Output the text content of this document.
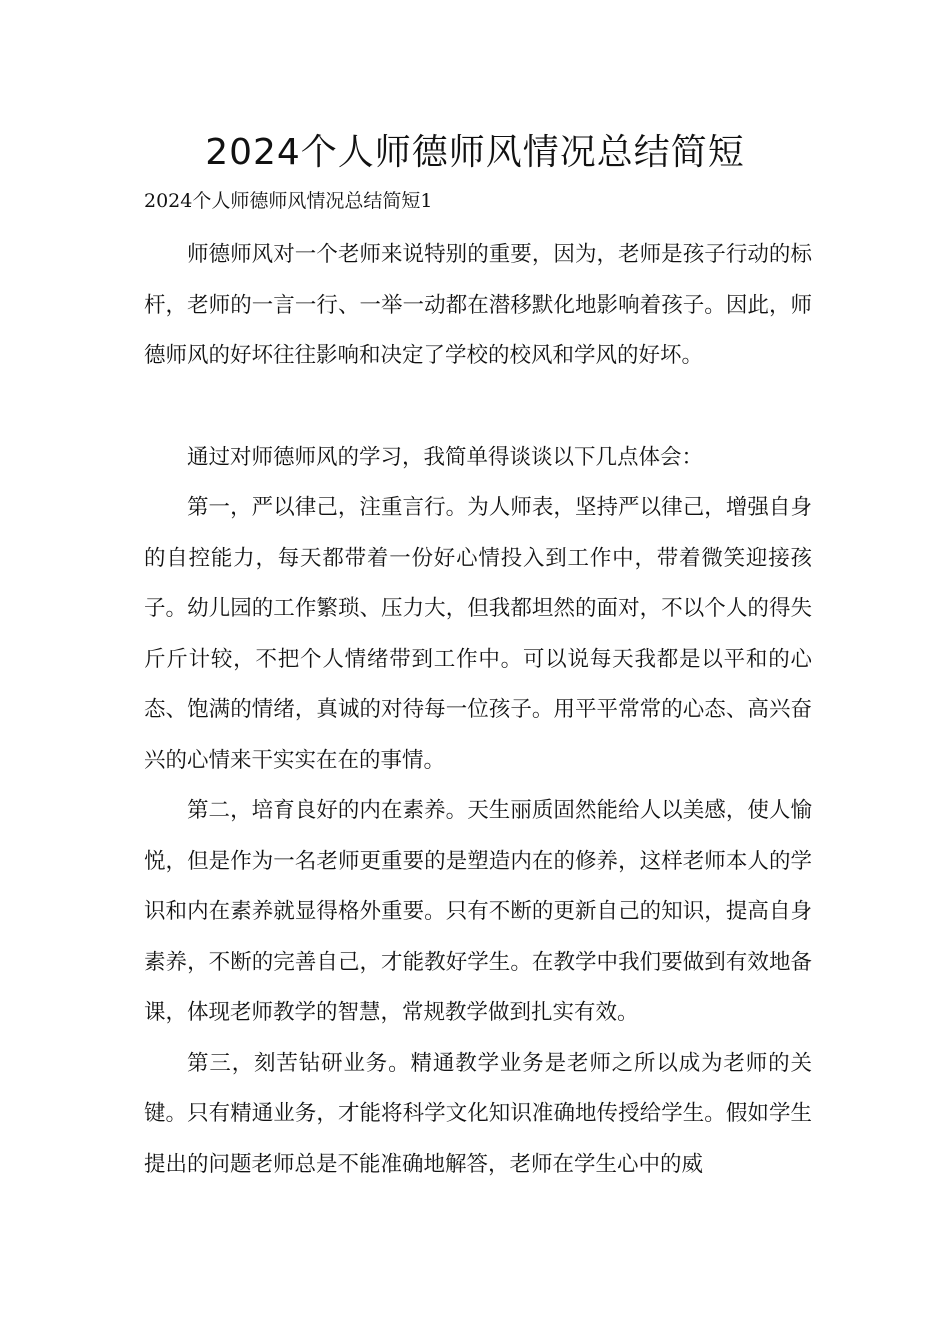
2024个人师德师风情况总结简短
2024个人师德师风情况总结简短1

师德师风对一个老师来说特别的重要，因为，老师是孩子行动的标杆，老师的一言一行、一举一动都在潜移默化地影响着孩子。因此，师德师风的好坏往往影响和决定了学校的校风和学风的好坏。

通过对师德师风的学习，我简单得谈谈以下几点体会：

第一，严以律己，注重言行。为人师表，坚持严以律己，增强自身的自控能力，每天都带着一份好心情投入到工作中，带着微笑迎接孩子。幼儿园的工作繁琐、压力大，但我都坦然的面对，不以个人的得失斤斤计较，不把个人情绪带到工作中。可以说每天我都是以平和的心态、饱满的情绪，真诚的对待每一位孩子。用平平常常的心态、高兴奋兴的心情来干实实在在的事情。

第二，培育良好的内在素养。天生丽质固然能给人以美感，使人愉悦，但是作为一名老师更重要的是塑造内在的修养，这样老师本人的学识和内在素养就显得格外重要。只有不断的更新自己的知识，提高自身素养，不断的完善自己，才能教好学生。在教学中我们要做到有效地备课，体现老师教学的智慧，常规教学做到扎实有效。

第三，刻苦钻研业务。精通教学业务是老师之所以成为老师的关键。只有精通业务，才能将科学文化知识准确地传授给学生。假如学生提出的问题老师总是不能准确地解答，老师在学生心中的威
